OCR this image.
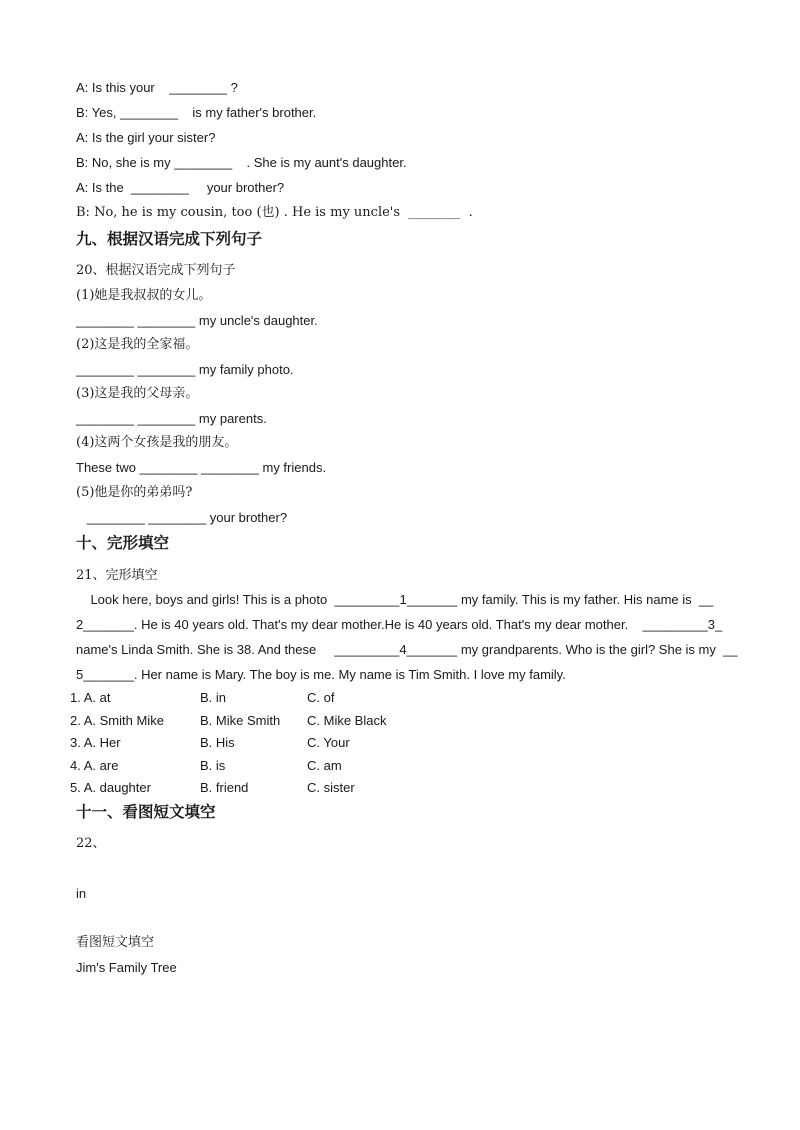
A: Is this your    ________ ?
B: Yes, ________    is my father's brother.
A: Is the girl your sister?
B: No, she is my ________    . She is my aunt's daughter.
A: Is the  ________     your brother?
B: No, he is my cousin, too (也) . He is my uncle's  ________  .
九、根据汉语完成下列句子
20、根据汉语完成下列句子
(1)她是我叔叔的女儿。
________ ________ my uncle's daughter.
(2)这是我的全家福。
________ ________ my family photo.
(3)这是我的父母亲。
________ ________ my parents.
(4)这两个女孩是我的朋友。
These two ________ ________ my friends.
(5)他是你的弟弟吗?
________ ________ your brother?
十、完形填空
21、完形填空
Look here, boys and girls! This is a photo  _________1_______ my family. This is my father. His name is  __
2_______. He is 40 years old. That's my dear mother.He is 40 years old. That's my dear mother.    _________3_
name's Linda Smith. She is 38. And these     _________4_______ my grandparents. Who is the girl? She is my  __
5_______. Her name is Mary. The boy is me. My name is Tim Smith. I love my family.
1. A. at	B. in	C. of
2. A. Smith Mike	B. Mike Smith C. Mike Black
3. A. Her	B. His	C. Your
4. A. are	B. is	C. am
5. A. daughter	B. friend	C. sister
十一、看图短文填空
22、
in
看图短文填空
Jim's Family Tree
